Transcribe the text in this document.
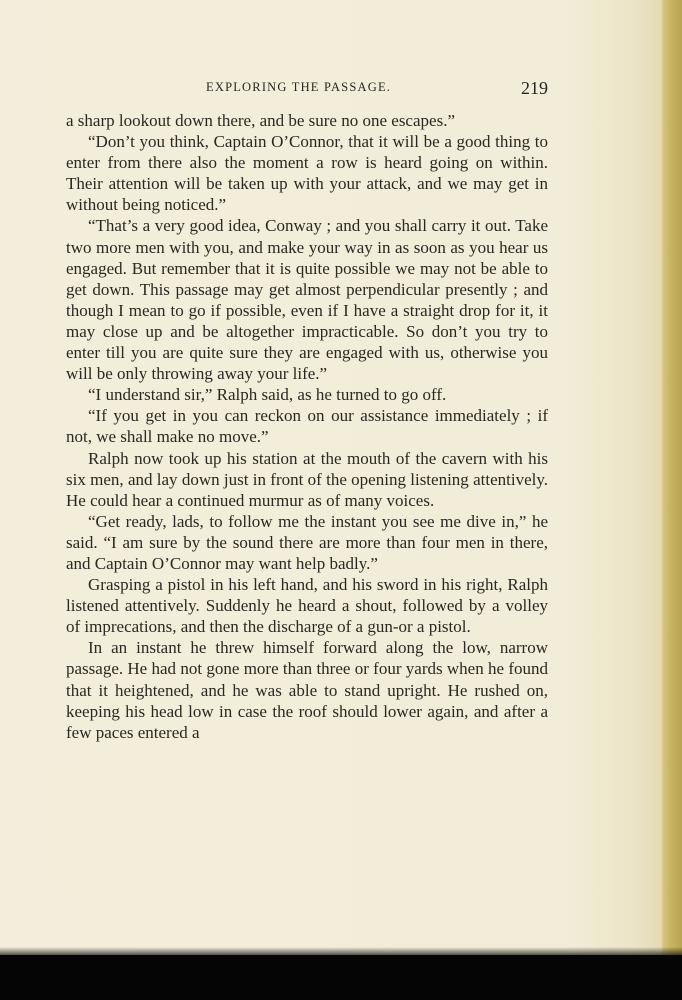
EXPLORING THE PASSAGE.	219

a sharp lookout down there, and be sure no one escapes.”

“Don’t you think, Captain O’Connor, that it will be a good thing to enter from there also the moment a row is heard going on within. Their attention will be taken up with your attack, and we may get in without being noticed.”

“That’s a very good idea, Conway ; and you shall carry it out. Take two more men with you, and make your way in as soon as you hear us engaged. But remember that it is quite possible we may not be able to get down. This passage may get almost perpendicular presently ; and though I mean to go if possible, even if I have a straight drop for it, it may close up and be altogether impracticable. So don’t you try to enter till you are quite sure they are engaged with us, otherwise you will be only throwing away your life.”

“I understand sir,” Ralph said, as he turned to go off.

“If you get in you can reckon on our assistance immediately ; if not, we shall make no move.”

Ralph now took up his station at the mouth of the cavern with his six men, and lay down just in front of the opening listening attentively. He could hear a continued murmur as of many voices.

“Get ready, lads, to follow me the instant you see me dive in,” he said. “I am sure by the sound there are more than four men in there, and Captain O’Connor may want help badly.”

Grasping a pistol in his left hand, and his sword in his right, Ralph listened attentively. Suddenly he heard a shout, followed by a volley of imprecations, and then the discharge of a gun-or a pistol.

In an instant he threw himself forward along the low, narrow passage. He had not gone more than three or four yards when he found that it heightened, and he was able to stand upright. He rushed on, keeping his head low in case the roof should lower again, and after a few paces entered a
